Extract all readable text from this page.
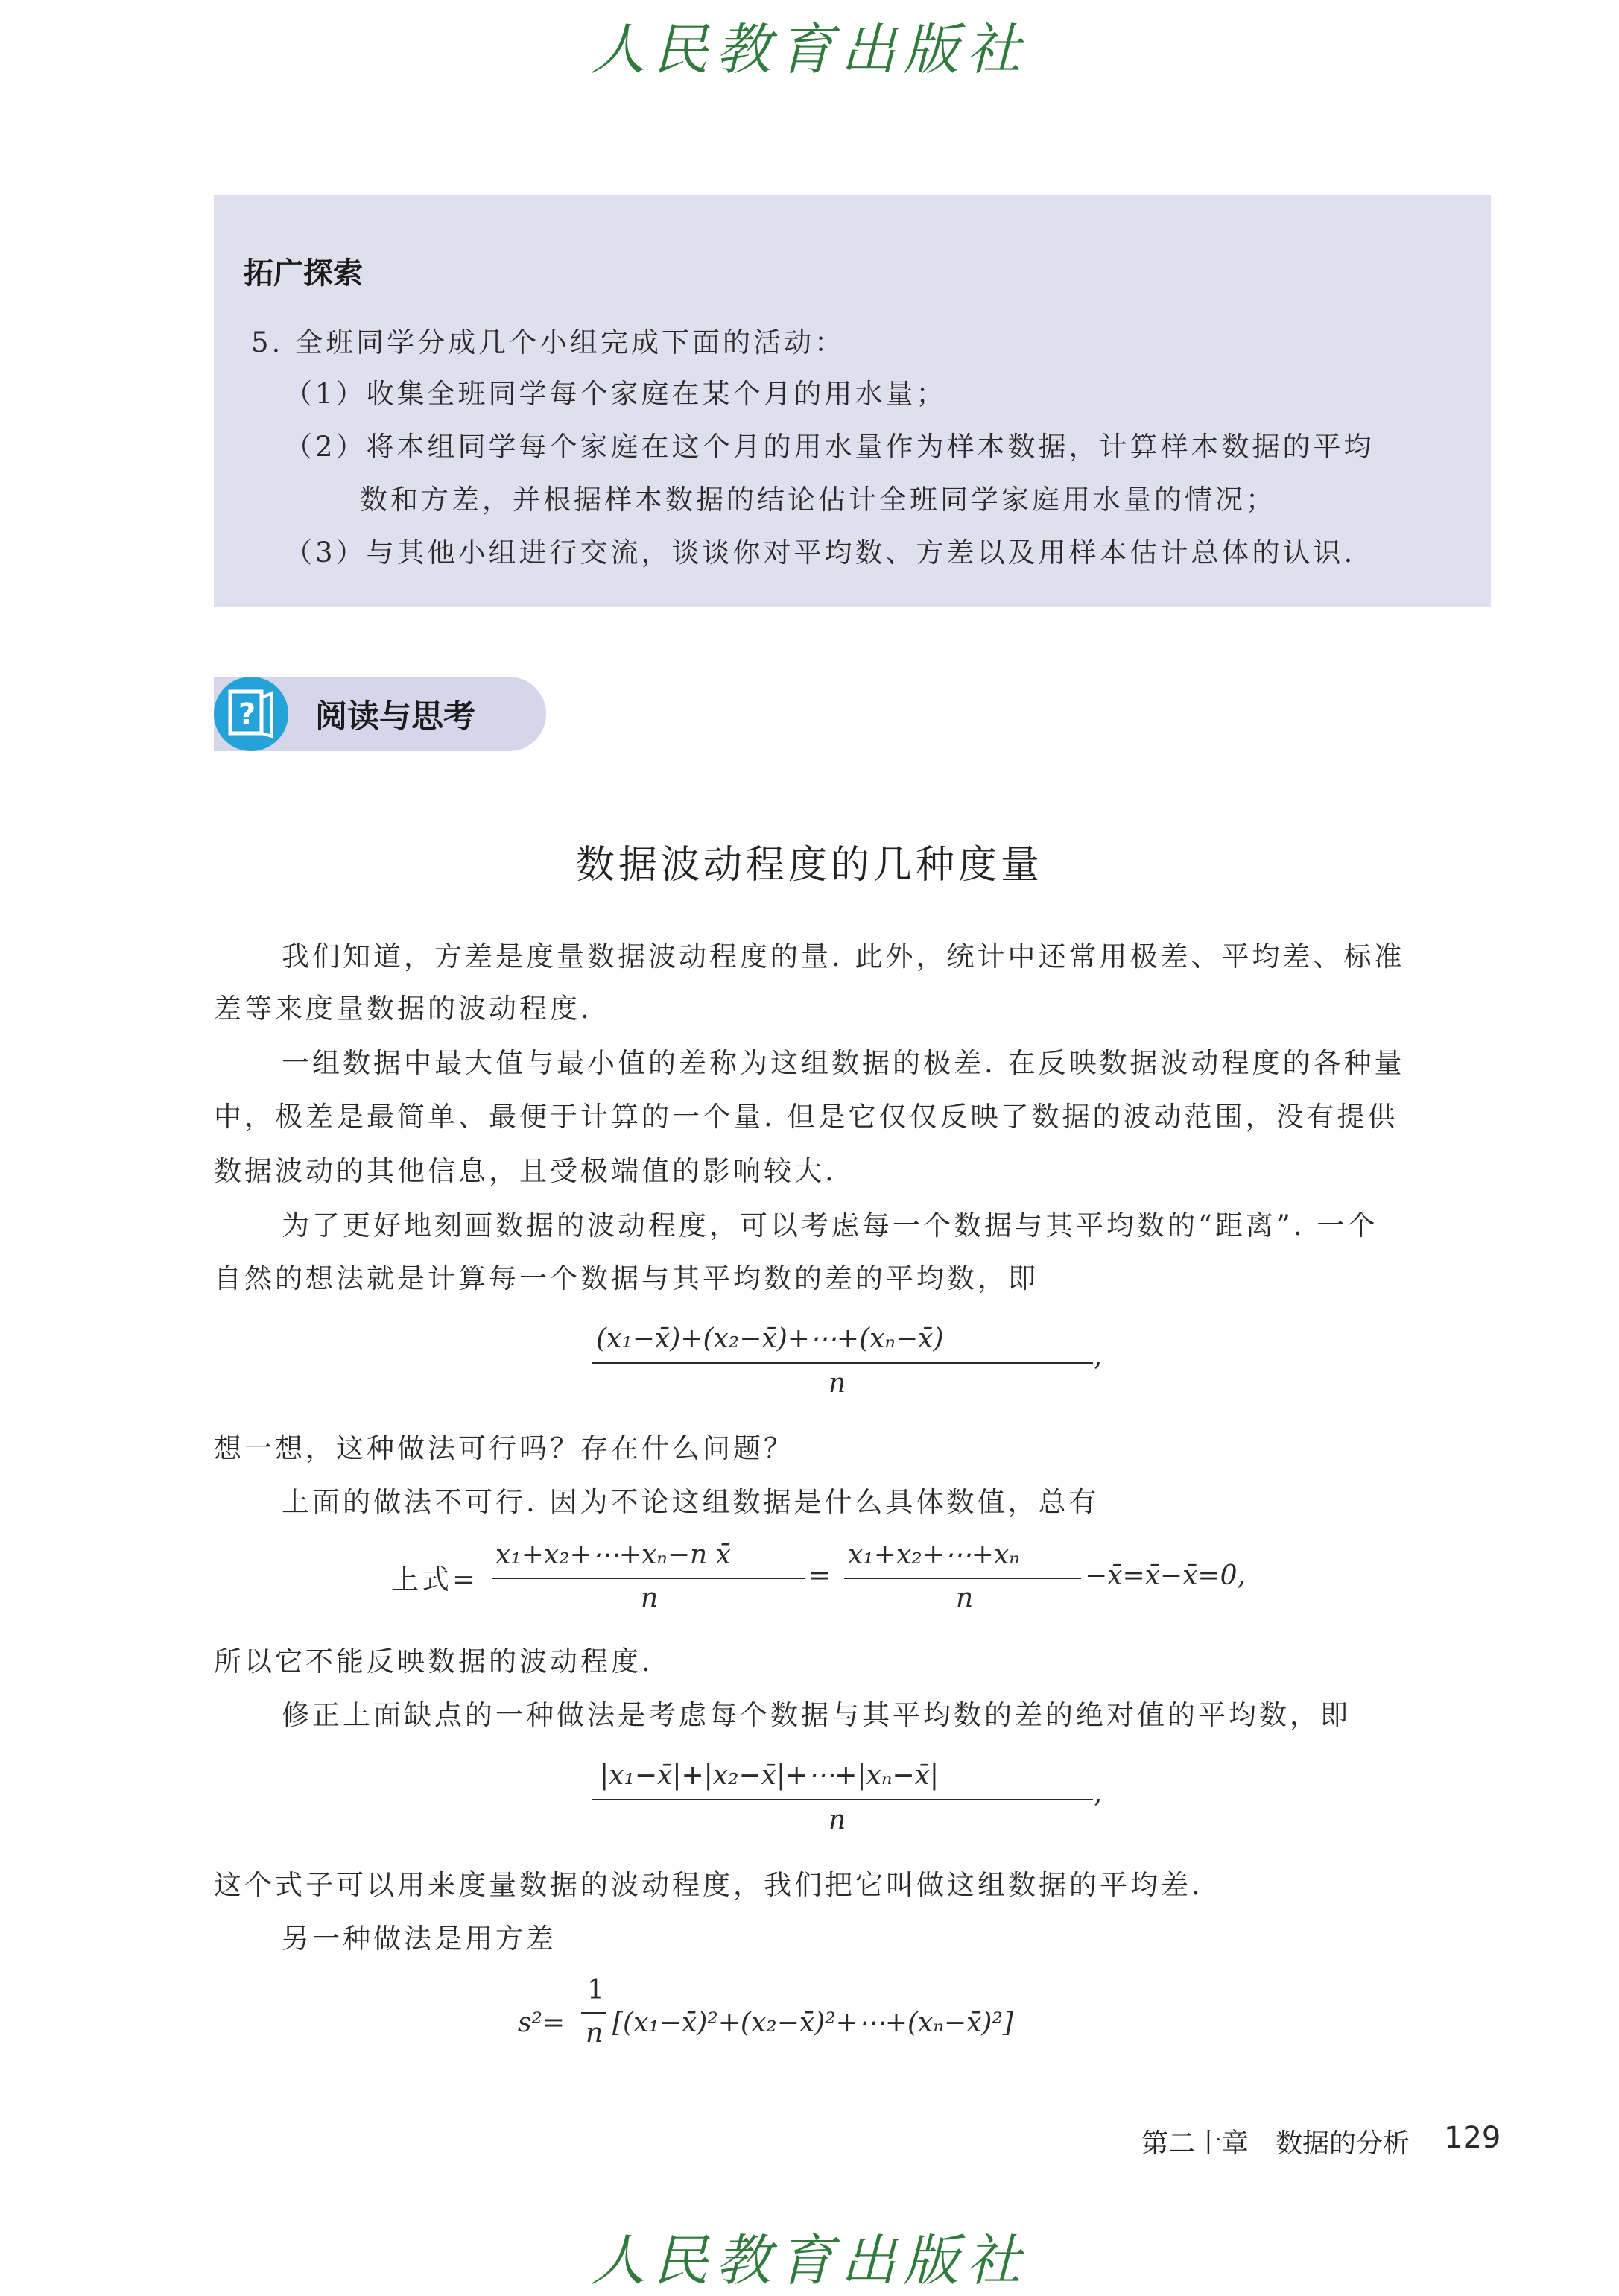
人民教育出版社
拓广探索
5. 全班同学分成几个小组完成下面的活动：
（1）收集全班同学每个家庭在某个月的用水量；
（2）将本组同学每个家庭在这个月的用水量作为样本数据，计算样本数据的平均
数和方差，并根据样本数据的结论估计全班同学家庭用水量的情况；
（3）与其他小组进行交流，谈谈你对平均数、方差以及用样本估计总体的认识.
? 阅读与思考
数据波动程度的几种度量
我们知道，方差是度量数据波动程度的量. 此外，统计中还常用极差、平均差、标准
差等来度量数据的波动程度.
一组数据中最大值与最小值的差称为这组数据的极差. 在反映数据波动程度的各种量
中，极差是最简单、最便于计算的一个量. 但是它仅仅反映了数据的波动范围，没有提供
数据波动的其他信息，且受极端值的影响较大.
为了更好地刻画数据的波动程度，可以考虑每一个数据与其平均数的“距离”. 一个
自然的想法就是计算每一个数据与其平均数的差的平均数，即
(x₁−x̄)+(x₂−x̄)+⋯+(xₙ−x̄)
n
,
想一想，这种做法可行吗？存在什么问题？
上面的做法不可行. 因为不论这组数据是什么具体数值，总有
上式=
x₁+x₂+⋯+xₙ−n x̄
n
=
x₁+x₂+⋯+xₙ
n
−x̄=x̄−x̄=0,
所以它不能反映数据的波动程度.
修正上面缺点的一种做法是考虑每个数据与其平均数的差的绝对值的平均数，即
|x₁−x̄|+|x₂−x̄|+⋯+|xₙ−x̄|
n
,
这个式子可以用来度量数据的波动程度，我们把它叫做这组数据的平均差.
另一种做法是用方差
s²=
1
n [(x₁−x̄)²+(x₂−x̄)²+⋯+(xₙ−x̄)²]
第二十章　数据的分析 129
人民教育出版社
